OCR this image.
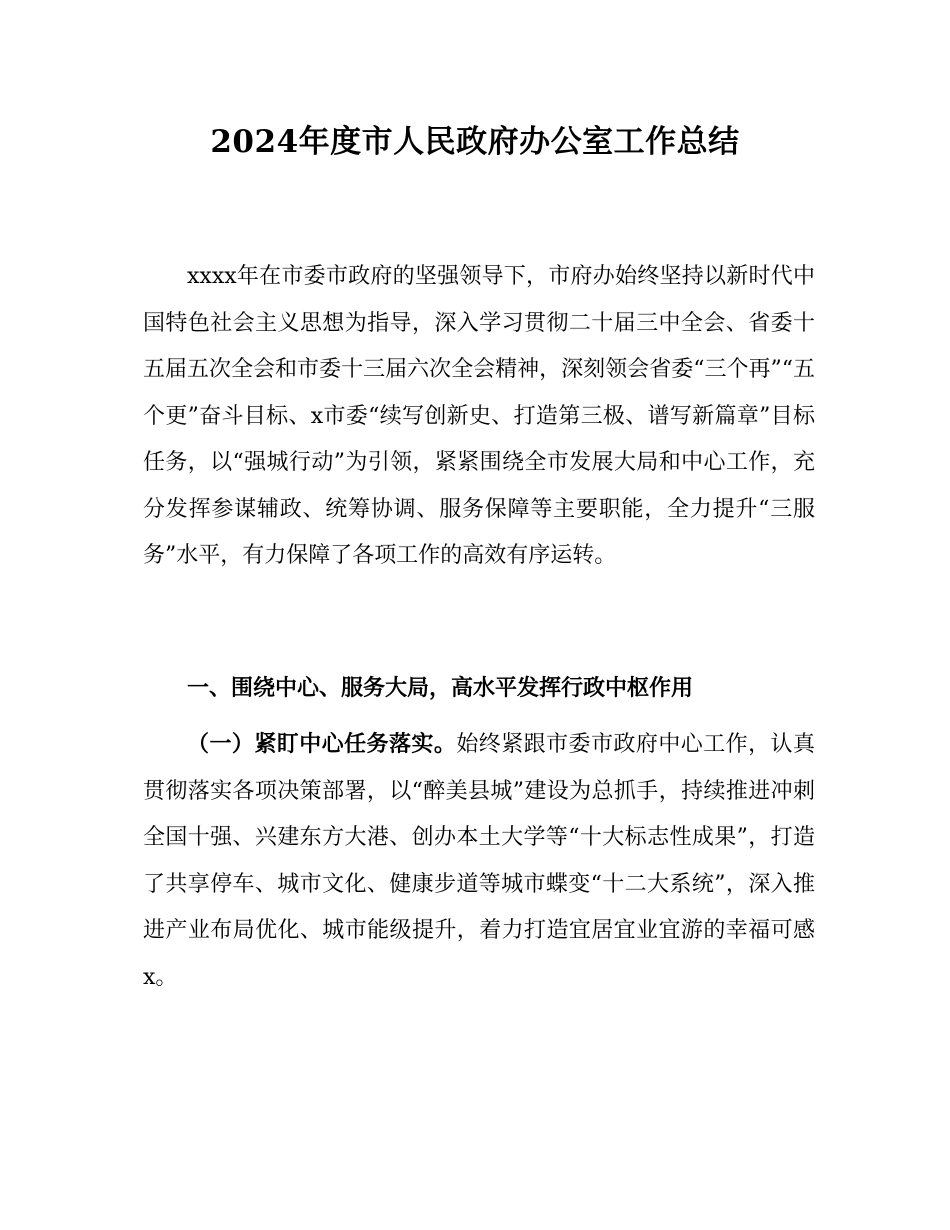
2024年度市人民政府办公室工作总结

xxxx年在市委市政府的坚强领导下，市府办始终坚持以新时代中国特色社会主义思想为指导，深入学习贯彻二十届三中全会、省委十五届五次全会和市委十三届六次全会精神，深刻领会省委“三个再”“五个更”奋斗目标、x市委“续写创新史、打造第三极、谱写新篇章”目标任务，以“强城行动”为引领，紧紧围绕全市发展大局和中心工作，充分发挥参谋辅政、统筹协调、服务保障等主要职能，全力提升“三服务”水平，有力保障了各项工作的高效有序运转。

一、围绕中心、服务大局，高水平发挥行政中枢作用

（一）紧盯中心任务落实。始终紧跟市委市政府中心工作，认真贯彻落实各项决策部署，以“醉美县城”建设为总抓手，持续推进冲刺全国十强、兴建东方大港、创办本土大学等“十大标志性成果”，打造了共享停车、城市文化、健康步道等城市蝶变“十二大系统”，深入推进产业布局优化、城市能级提升，着力打造宜居宜业宜游的幸福可感x。
